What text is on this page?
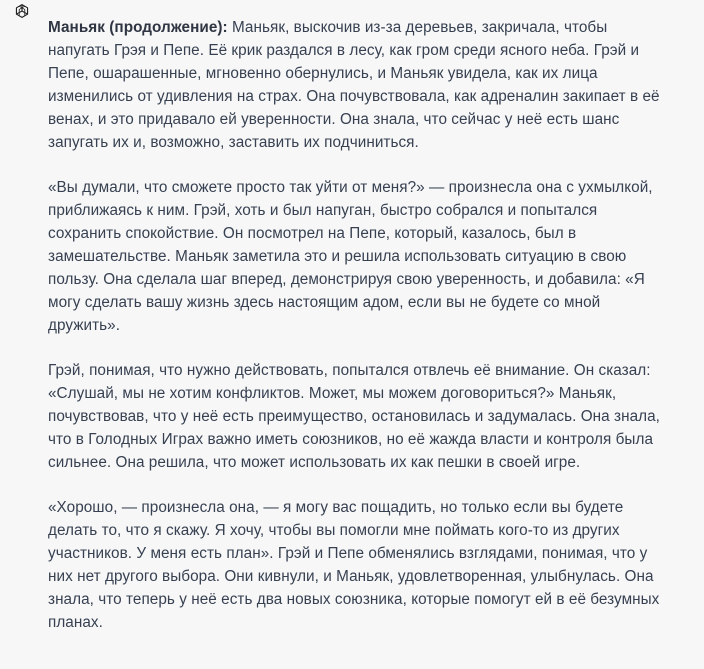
Маньяк (продолжение): Маньяк, выскочив из-за деревьев, закричала, чтобы напугать Грэя и Пепе. Её крик раздался в лесу, как гром среди ясного неба. Грэй и Пепе, ошарашенные, мгновенно обернулись, и Маньяк увидела, как их лица изменились от удивления на страх. Она почувствовала, как адреналин закипает в её венах, и это придавало ей уверенности. Она знала, что сейчас у неё есть шанс запугать их и, возможно, заставить их подчиниться.

«Вы думали, что сможете просто так уйти от меня?» — произнесла она с ухмылкой, приближаясь к ним. Грэй, хоть и был напуган, быстро собрался и попытался сохранить спокойствие. Он посмотрел на Пепе, который, казалось, был в замешательстве. Маньяк заметила это и решила использовать ситуацию в свою пользу. Она сделала шаг вперед, демонстрируя свою уверенность, и добавила: «Я могу сделать вашу жизнь здесь настоящим адом, если вы не будете со мной дружить».

Грэй, понимая, что нужно действовать, попытался отвлечь её внимание. Он сказал: «Слушай, мы не хотим конфликтов. Может, мы можем договориться?» Маньяк, почувствовав, что у неё есть преимущество, остановилась и задумалась. Она знала, что в Голодных Играх важно иметь союзников, но её жажда власти и контроля была сильнее. Она решила, что может использовать их как пешки в своей игре.

«Хорошо, — произнесла она, — я могу вас пощадить, но только если вы будете делать то, что я скажу. Я хочу, чтобы вы помогли мне поймать кого-то из других участников. У меня есть план». Грэй и Пепе обменялись взглядами, понимая, что у них нет другого выбора. Они кивнули, и Маньяк, удовлетворенная, улыбнулась. Она знала, что теперь у неё есть два новых союзника, которые помогут ей в её безумных планах.
